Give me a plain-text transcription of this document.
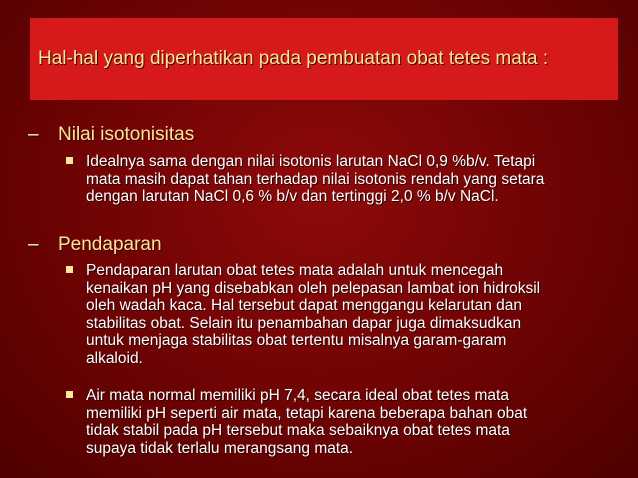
Hal-hal yang diperhatikan pada pembuatan obat tetes mata :
– Nilai isotonisitas
Idealnya sama dengan nilai isotonis larutan NaCl 0,9 %b/v. Tetapi
mata masih dapat tahan terhadap nilai isotonis rendah yang setara
dengan larutan NaCl 0,6 % b/v dan tertinggi 2,0 % b/v NaCl.
– Pendaparan
Pendaparan larutan obat tetes mata adalah untuk mencegah
kenaikan pH yang disebabkan oleh pelepasan lambat ion hidroksil
oleh wadah kaca. Hal tersebut dapat menggangu kelarutan dan
stabilitas obat. Selain itu penambahan dapar juga dimaksudkan
untuk menjaga stabilitas obat tertentu misalnya garam-garam
alkaloid.
Air mata normal memiliki pH 7,4, secara ideal obat tetes mata
memiliki pH seperti air mata, tetapi karena beberapa bahan obat
tidak stabil pada pH tersebut maka sebaiknya obat tetes mata
supaya tidak terlalu merangsang mata.
